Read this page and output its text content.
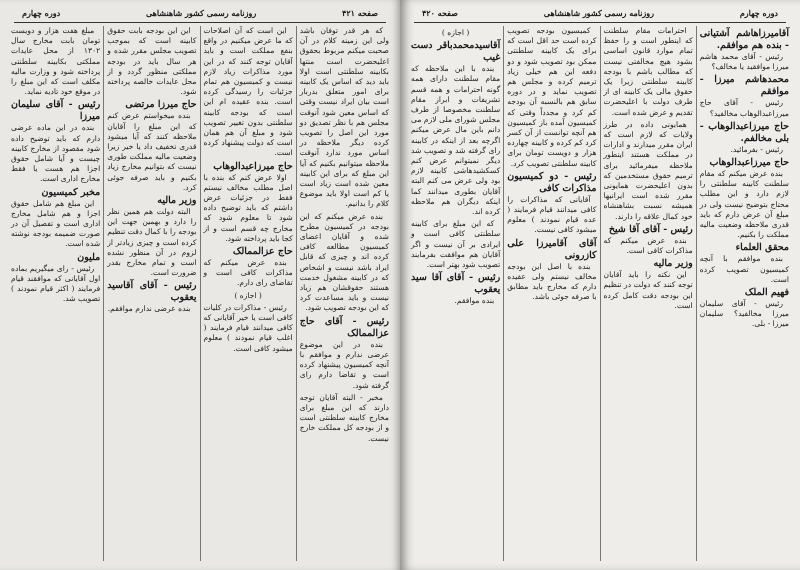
صفحه ۴۲۱
روزنامه رسمی کشور شاهنشاهی
دوره چهارم

که هر قدر توفان باشد ولی این زمینه کلام در آن صحبت میکنم مربوط بحقوق اعلیحضرت است منتها بکابینه سلطنتی است اولا باید دید که اساس یک کابینه برای امور متعلق بدربار است بیان ایراد نیست وقتی که اساس معین شود آنوقت مجلس هم با نظر تصدیق دو مورد این اصل را تصویب کرده دیگر ملاحظه در اساس مورد ندارد آنوقت ملاحظه میتوانیم بکنیم که آیا این مبلغ که برای این کابینه معین شده است زیاد است یا کم است اولا باید موضوع کلام را بدانیم.

بنده عرض میکنم که این بودجه در کمیسیون مطرح شده و آقایان اعضای کمیسیون مطالعه کافی کرده اند و چیزی که قابل ایراد باشد نیست و اشخاص که در کابینه مشغول خدمت هستند حقوقشان هم زیاد نیست و باید مساعدت کرد که این بودجه تصویب شود.

رئیس - آقای حاج عزالممالک

بنده در این موضوع عرضی ندارم و موافقم با آنچه کمیسیون پیشنهاد کرده است و تقاضا دارم رای گرفته شود.

مخبر - البته آقایان توجه دارند که این مبلغ برای مخارج کابینه سلطنتی است و از بودجه کل مملکت خارج نیست.

این است که آن اصلاحات که ما عرض میکنیم در واقع بنفع مملکت است و باید آقایان توجه کنند که در این مورد مذاکرات زیاد لازم نیست و کمیسیون هم تمام جزئیات را رسیدگی کرده است. بنده عقیده ام این است که بودجه کابینه سلطنتی بدون تغییر تصویب شود و مبلغ آن هم همان است که دولت پیشنهاد کرده است.

حاج میرزاعبدالوهاب

اولا عرض کنم که بنده با اصل مطلب مخالف نیستم فقط در جزئیات عرض داشتم که باید توضیح داده شود تا معلوم شود که مخارج چه قسم است و از کجا باید پرداخته شود.

حاج عزالممالک

بنده عرض میکنم که مذاکرات کافی است و تقاضای رای دارم.

( اجازه )

رئیس - مذاکرات در کلیات کافی است یا خیر آقایانی که کافی میدانند قیام فرمایند ( اغلب قیام نمودند ) معلوم میشود کافی است.

این این بودجه بابت حقوق کابینه است که بموجب تصویب مجلس مقرر شده و هر سال باید در بودجه مملکتی منظور گردد و از محل عایدات خالصه پرداخته شود.

حاج میرزا مرتضی

بنده میخواستم عرض کنم که این مبلغ را آقایان ملاحظه کنند که آیا میشود قدری تخفیف داد یا خیر زیرا وضعیت مالیه مملکت طوری نیست که بتوانیم مخارج زیاد بکنیم و باید صرفه جوئی کرد.

وزیر مالیه

البته دولت هم همین نظر را دارد و بهمین جهت این بودجه را با کمال دقت تنظیم کرده است و چیزی زیادتر از لزوم در آن منظور نشده است و تمام مخارج بقدر ضرورت است.

رئیس - آقای آقاسید یعقوب

بنده عرضی ندارم موافقم.

مبلغ هفت هزار و دویست تومان بابت مخارج سال ۱۳۰۲ از محل عایدات مملکتی بکابینه سلطنتی پرداخته شود و وزارت مالیه مکلف است که این مبلغ را در موقع خود تادیه نماید.

رئیس - آقای سلیمان میرزا

بنده در این ماده عرضی دارم که باید توضیح داده شود مقصود از مخارج کابینه چیست و آیا شامل حقوق اجزا هم هست یا فقط مخارج اداری است.

مخبر کمیسیون

این مبلغ هم شامل حقوق اجزا و هم شامل مخارج اداری است و تفصیل آن در صورت ضمیمه بودجه نوشته شده است.

ملیون

رئیس - رای میگیریم بماده اول آقایانی که موافقند قیام فرمایند ( اکثر قیام نمودند ) تصویب شد.

دوره چهارم
روزنامه رسمی کشور شاهنشاهی
صفحه ۴۲۰
آقامیرزاهاشم آشتیانی - بنده هم موافقم.

رئیس - آقای محمد هاشم میرزا موافقید یا مخالف؟

محمدهاشم میرزا - موافقم

رئیس - آقای حاج میرزاعبدالوهاب مخالفید؟

حاج میرزاعبدالوهاب - بلی مخالفم.

رئیس - بفرمائید.

حاج میرزاعبدالوهاب

بنده عرض میکنم که مقام سلطنت کابینه سلطنتی را لازم دارد و این مطلب محتاج بتوضیح نیست ولی در مبلغ آن عرض دارم که باید قدری ملاحظه وضعیت مالیه مملکت را بکنیم.

محقق العلماء

بنده موافقم با آنچه کمیسیون تصویب کرده است.

فهیم الملک

رئیس - آقای سلیمان میرزا مخالفید؟ سلیمان میرزا - بلی.

احترامات مقام سلطنت که اینطور است و را حفظ تمام موارد قانون اساسی بشود هیچ مخالفتی نیست که مطالب باشم با بودجه کابینه سلطنتی زیرا یک حقوق مالی یک کابینه ای از طرف دولت با اعلیحضرت تقدیم و عرض شده است.

همایونی داده در طرز ولایات که لازم است که ایران مقرر میدارند و ادارات در مملکت هستند اینطور ملاحظه میفرمائید برای ترمیم حقوق مستخدمین که بدون اعلیحضرت همایونی مقرر شده است ایرانیها همیشه نسبت بشاهنشاه خود کمال علاقه را دارند.

رئیس - آقای آقا شیخ

بنده عرض میکنم که مذاکرات کافی است.

وزیر مالیه

این نکته را باید آقایان توجه کنند که دولت در تنظیم این بودجه دقت کامل کرده است.

کمیسیون بودجه تصویب کرده است حد اقل است که برای یک کابینه سلطنتی ممکن بود تصویب شود و دو دفعه این هم خیلی زیاد ترمیم کرده و مجلس هم تصویب نماید و در دوره سابق هم بالنسبه آن بودجه کم کرد و مجدداً وقتی که کمیسیون آمده باز کمیسیون هم آنچه توانست از آن کسر کرد کم کرده و کابینه چهارده هزار و دویست تومان برای کابینه سلطنتی تصویب کرد.

رئیس - دو کمیسیون مذاکرات کافی

آقایانی که مذاکرات را کافی میدانند قیام فرمایند ( عده قیام نمودند ) معلوم میشود کافی نیست.

آقای آقامیرزا علی کازرونی

بنده با اصل این بودجه مخالف نیستم ولی عقیده دارم که مخارج باید مطابق با صرفه جوئی باشد.

( اجازه )
آقاسیدمحمدباقر دست غیب

بنده با این ملاحظه که مقام سلطنت دارای همه گونه احترامات و همه قسم تشریفات و ابراز مقام سلطنت مخصوصا از طرف مجلس شورای ملی لازم می دانم باین مال عرض میکنم اگرچه بعد از اینکه در کابینه رای گرفته شد و تصویب شد دیگر نمیتوانم عرض کنم کسکشیدهاشی کابینه لازم بود ولی عرض می کنم البته آقایان بطوری میدانند کما اینکه دیگران هم ملاحظه کرده اند.

که این مبلغ برای کابینه سلطنتی کافی است و ایرادی بر آن نیست و اگر آقایان هم موافقت بفرمایند تصویب شود بهتر است.

رئیس - آقای آقا سید یعقوب

بنده موافقم.
